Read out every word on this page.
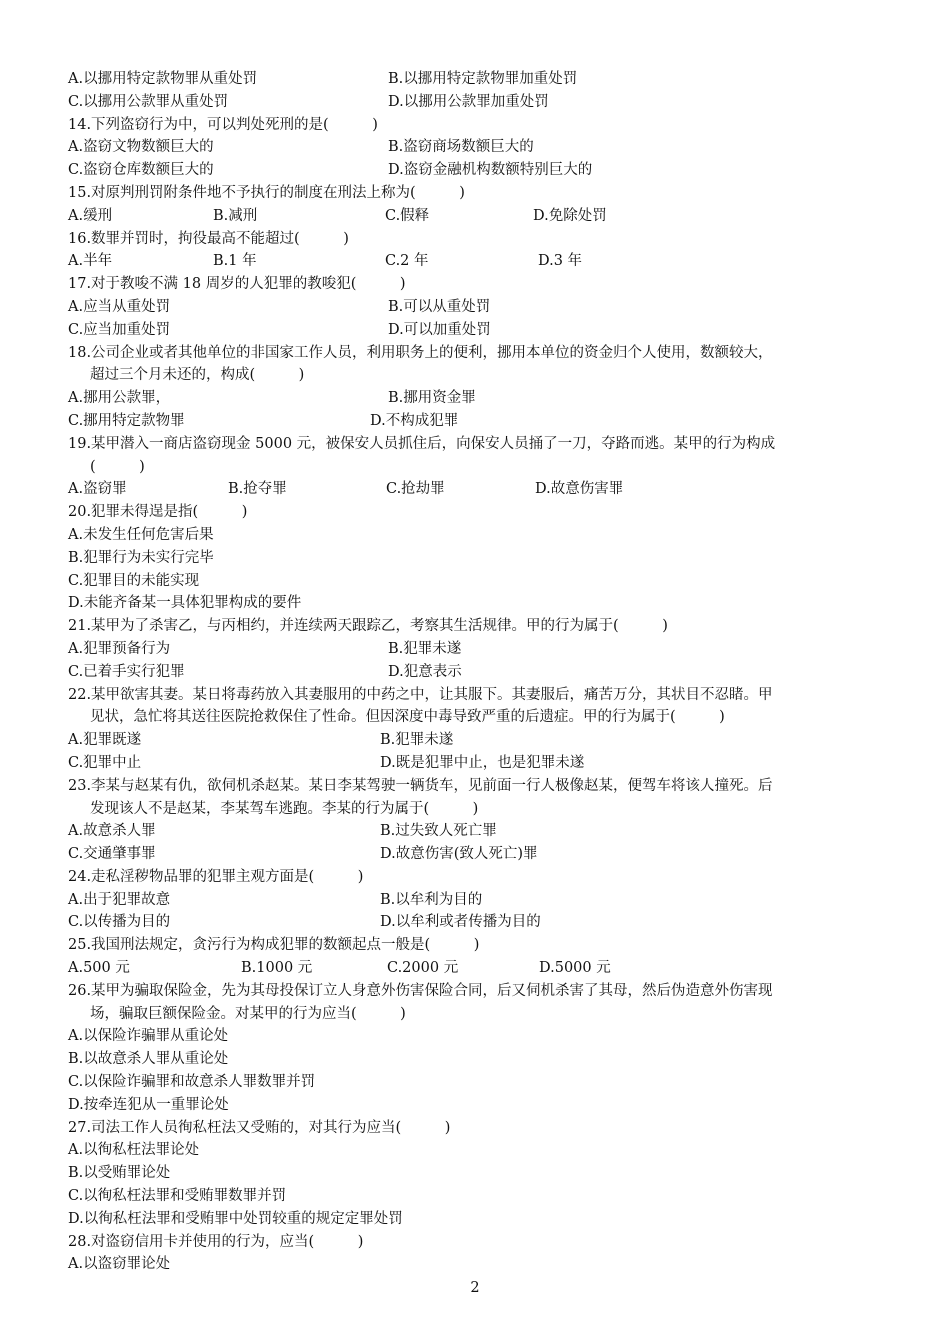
A.以挪用特定款物罪从重处罚	B.以挪用特定款物罪加重处罚
C.以挪用公款罪从重处罚	D.以挪用公款罪加重处罚
14.下列盗窃行为中，可以判处死刑的是(　　　)
A.盗窃文物数额巨大的	B.盗窃商场数额巨大的
C.盗窃仓库数额巨大的	D.盗窃金融机构数额特别巨大的
15.对原判刑罚附条件地不予执行的制度在刑法上称为(　　　)
A.缓刑	B.减刑	C.假释	D.免除处罚
16.数罪并罚时，拘役最高不能超过(　　　)
A.半年	B.1 年	C.2 年	D.3 年
17.对于教唆不满 18 周岁的人犯罪的教唆犯(　　　)
A.应当从重处罚	B.可以从重处罚
C.应当加重处罚	D.可以加重处罚
18.公司企业或者其他单位的非国家工作人员，利用职务上的便利，挪用本单位的资金归个人使用，数额较大，
超过三个月未还的，构成(　　　)
A.挪用公款罪，	B.挪用资金罪
C.挪用特定款物罪	D.不构成犯罪
19.某甲潜入一商店盗窃现金 5000 元，被保安人员抓住后，向保安人员捅了一刀，夺路而逃。某甲的行为构成
(　　　)
A.盗窃罪	B.抢夺罪	C.抢劫罪	D.故意伤害罪
20.犯罪未得逞是指(　　　)
A.未发生任何危害后果
B.犯罪行为未实行完毕
C.犯罪目的未能实现
D.未能齐备某一具体犯罪构成的要件
21.某甲为了杀害乙，与丙相约，并连续两天跟踪乙，考察其生活规律。甲的行为属于(　　　)
A.犯罪预备行为	B.犯罪未遂
C.已着手实行犯罪	D.犯意表示
22.某甲欲害其妻。某日将毒药放入其妻服用的中药之中，让其服下。其妻服后，痛苦万分，其状目不忍睹。甲
见状，急忙将其送往医院抢救保住了性命。但因深度中毒导致严重的后遗症。甲的行为属于(　　　)
A.犯罪既遂	B.犯罪未遂
C.犯罪中止	D.既是犯罪中止，也是犯罪未遂
23.李某与赵某有仇，欲伺机杀赵某。某日李某驾驶一辆货车，见前面一行人极像赵某，便驾车将该人撞死。后
发现该人不是赵某，李某驾车逃跑。李某的行为属于(　　　)
A.故意杀人罪	B.过失致人死亡罪
C.交通肇事罪	D.故意伤害(致人死亡)罪
24.走私淫秽物品罪的犯罪主观方面是(　　　)
A.出于犯罪故意	B.以牟利为目的
C.以传播为目的	D.以牟利或者传播为目的
25.我国刑法规定，贪污行为构成犯罪的数额起点一般是(　　　)
A.500 元	B.1000 元	C.2000 元	D.5000 元
26.某甲为骗取保险金，先为其母投保订立人身意外伤害保险合同，后又伺机杀害了其母，然后伪造意外伤害现
场，骗取巨额保险金。对某甲的行为应当(　　　)
A.以保险诈骗罪从重论处
B.以故意杀人罪从重论处
C.以保险诈骗罪和故意杀人罪数罪并罚
D.按牵连犯从一重罪论处
27.司法工作人员徇私枉法又受贿的，对其行为应当(　　　)
A.以徇私枉法罪论处
B.以受贿罪论处
C.以徇私枉法罪和受贿罪数罪并罚
D.以徇私枉法罪和受贿罪中处罚较重的规定定罪处罚
28.对盗窃信用卡并使用的行为，应当(　　　)
A.以盗窃罪论处
2
